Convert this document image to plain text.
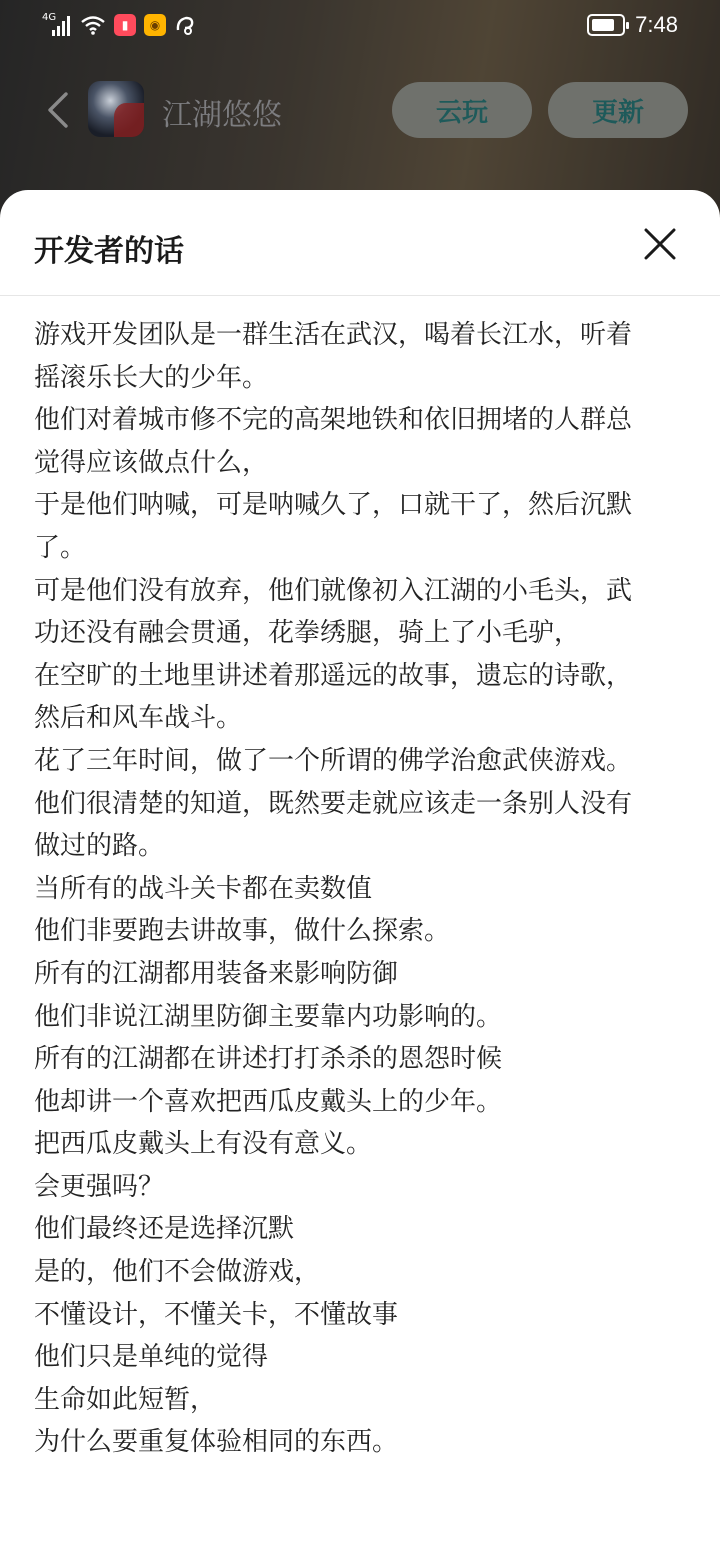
4G
▮	◉	7:48
江湖悠悠	云玩	更新
开发者的话
游戏开发团队是一群生活在武汉，喝着长江水，听着
摇滚乐长大的少年。
他们对着城市修不完的高架地铁和依旧拥堵的人群总
觉得应该做点什么，
于是他们呐喊，可是呐喊久了，口就干了，然后沉默
了。
可是他们没有放弃，他们就像初入江湖的小毛头，武
功还没有融会贯通，花拳绣腿，骑上了小毛驴，
在空旷的土地里讲述着那遥远的故事，遗忘的诗歌，
然后和风车战斗。
花了三年时间，做了一个所谓的佛学治愈武侠游戏。
他们很清楚的知道，既然要走就应该走一条别人没有
做过的路。
当所有的战斗关卡都在卖数值
他们非要跑去讲故事，做什么探索。
所有的江湖都用装备来影响防御
他们非说江湖里防御主要靠内功影响的。
所有的江湖都在讲述打打杀杀的恩怨时候
他却讲一个喜欢把西瓜皮戴头上的少年。
把西瓜皮戴头上有没有意义。
会更强吗？
他们最终还是选择沉默
是的，他们不会做游戏，
不懂设计，不懂关卡，不懂故事
他们只是单纯的觉得
生命如此短暂，
为什么要重复体验相同的东西。
